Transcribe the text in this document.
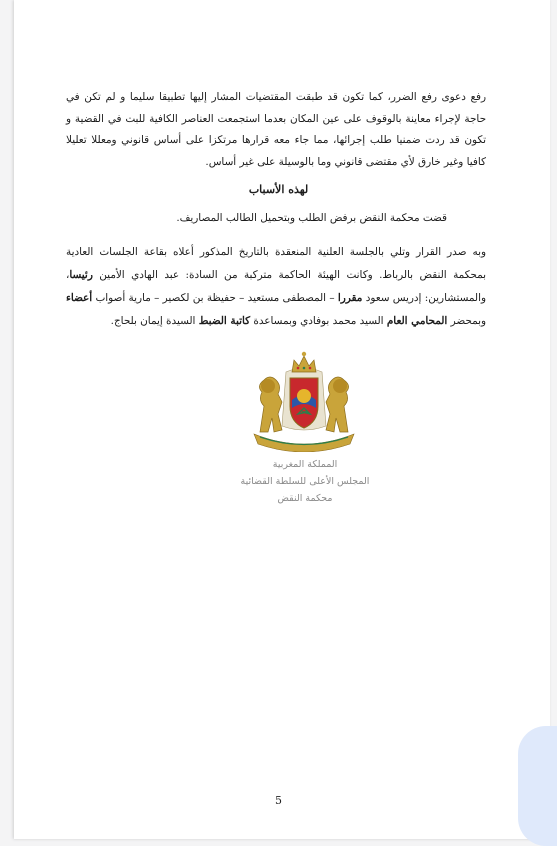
رفع دعوى رفع الضرر، كما تكون قد طبقت المقتضيات المشار إليها تطبيقا سليما و لم تكن في حاجة لإجراء معاينة بالوقوف على عين المكان بعدما استجمعت العناصر الكافية للبت في القضية و تكون قد ردت ضمنيا طلب إجرائها، مما جاء معه قرارها مرتكزا على أساس قانوني ومعللا تعليلا كافيا وغير خارق لأي مقتضى قانوني وما بالوسيلة على غير أساس.
لهذه الأسباب
قضت محكمة النقض برفض الطلب وبتحميل الطالب المصاريف.
وبه صدر القرار وتلي بالجلسة العلنية المنعقدة بالتاريخ المذكور أعلاه بقاعة الجلسات العادية بمحكمة النقض بالرباط. وكانت الهيئة الحاكمة متركبة من السادة: عبد الهادي الأمين رئيسا، والمستشارين: إدريس سعود مقررا – المصطفى مستعيد – حفيظة بن لكصير – مارية أصواب أعضاء وبمحضر المحامي العام السيد محمد بوفادي وبمساعدة كاتبة الضبط السيدة إيمان بلحاج.
المملكة المغربية
المجلس الأعلى للسلطة القضائية
محكمة النقض
5
